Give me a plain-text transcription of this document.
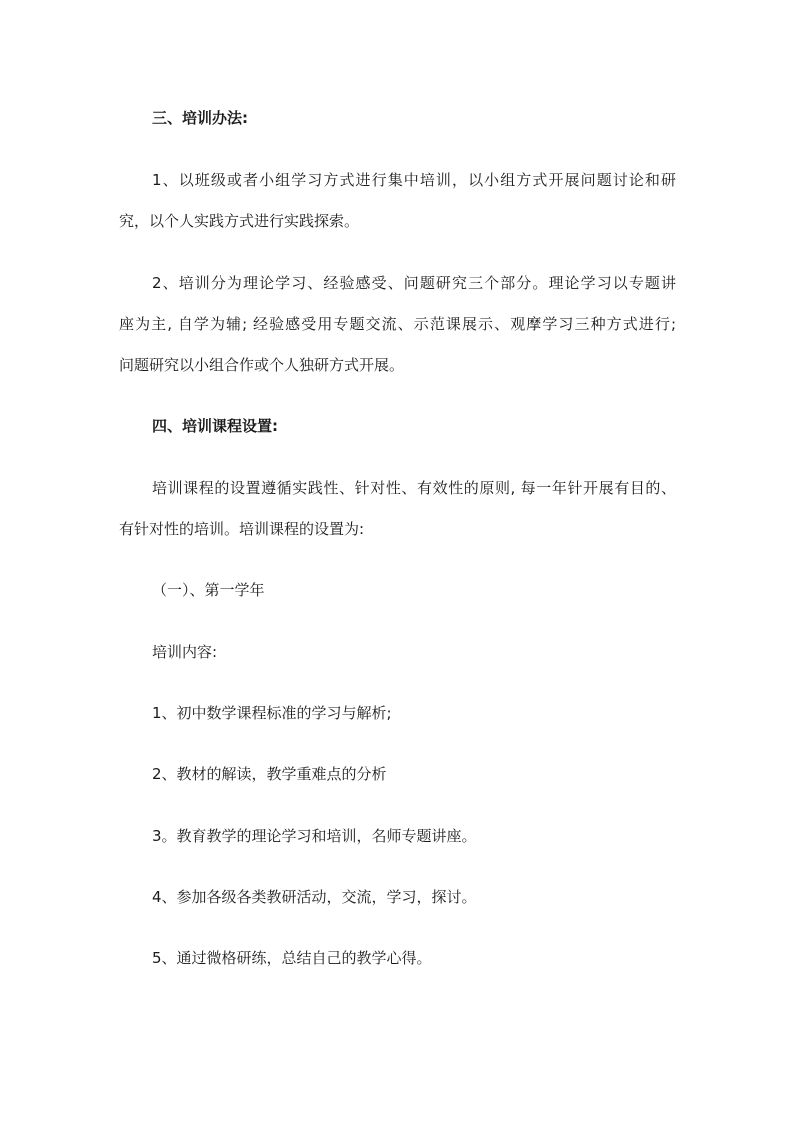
三、培训办法:
1、以班级或者小组学习方式进行集中培训，以小组方式开展问题讨论和研
究，以个人实践方式进行实践探索。
2、培训分为理论学习、经验感受、问题研究三个部分。理论学习以专题讲
座为主, 自学为辅; 经验感受用专题交流、示范课展示、观摩学习三种方式进行;
问题研究以小组合作或个人独研方式开展。
四、培训课程设置:
培训课程的设置遵循实践性、针对性、有效性的原则, 每一年针开展有目的、
有针对性的培训。培训课程的设置为:
（一）、第一学年
培训内容:
1、初中数学课程标准的学习与解析;
2、教材的解读，教学重难点的分析
3。教育教学的理论学习和培训，名师专题讲座。
4、参加各级各类教研活动，交流，学习，探讨。
5、通过微格研练，总结自己的教学心得。
